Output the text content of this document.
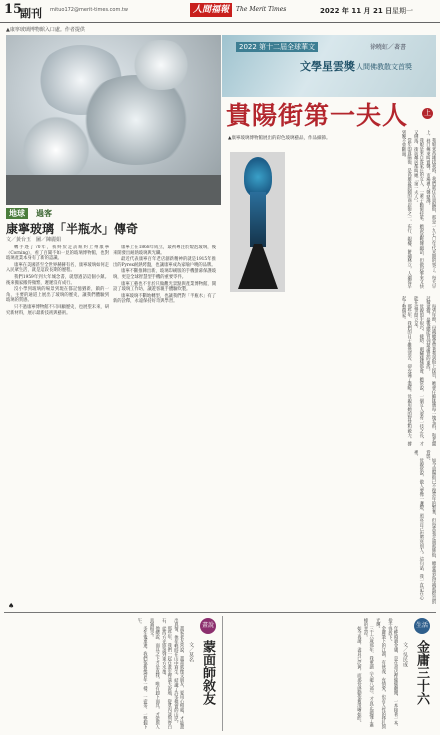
15
副刊 mituo172@merit-times.com.tw	人間福報	The Merit Times	2022 年 11 月 21 日 星期一
▲康寧玻璃博物館入口處。作者提供
2022 第十二屆全球華文	徐曉虹／著書
文學星雲獎 人間佛教散文首獎
貴陽街第一夫人 上
地球	過客
康寧玻璃「半瓶水」傳奇
文／黃台玉　圖／陳麗娟

轉手逐了70年，我終於走訪紐約上州康寧（Corning），看了百聞不如一見的玻璃博物館，也對玻璃產業本身有了新的認識。

康寧在美國甚至全世界赫赫有名，康寧玻璃如何走入民眾生活，就是這段長期的歷程。

我們1959年到大年城念書，就想過訪這個小鎮。後來搬家搬得頻繁，遲遲沒有成行。

沒小學到玻璃的場景到現在都記憶猶新，鎮的一角，主要的通道上展出了玻璃的歷史，讓我們體驗到玻璃的質感。

只不過康寧博物館不只回顧歷史，也展望未來，研究新材料，展示最新技術與藝術。

康寧上在1868年成立，最初專注於燈泡玻璃，後來開發出耐熱玻璃與光纖。

最近代表康寧百年老店創新精神的就是1915年推出的Pyrex耐熱烤盤，也讓康寧成為家喻戶曉的品牌。

康寧不斷推陳出新，玻璃印刷版的手機螢幕保護玻璃，更是全球智慧型手機的重要零件。

康寧工藝也不甘於只做觀光景點與產業博物館，開設了玻璃工作坊，讓遊客親手體驗吹製。

康寧玻璃不斷地轉型，也讓我們對「半瓶水」有了新的詮釋，永遠保持好奇與學習。

♠
▲康寧玻璃博物館展出的彩色玻璃藝品，作品細節。	我娘來高雄找我時，我們就住在貴陽街，那是一九七〇年代末期的事了。每天早上，巷口傳來叫賣聲，市場裡人聲鼎沸。

我娘是來自客家庄的女人，一輩子勤儉持家。她說話輕聲細語，但做起事來又快又俐落，街坊鄰居都叫她「第一夫人」。

當年的貴陽街，是高雄最熱鬧的商店街之一，布行、銀樓、餅舖林立，人潮從早到晚不曾斷過。

每到年節，母親總會帶著我到街上採買，她會仔細挑選每一塊布料，和老闆討價還價，最後總能買到最滿意的東西。

母親的手很巧，縫紉、刺繡樣樣都會。她常說，一個女人要有一技之長，才能在這世間立足。

那些年，我們的日子雖然清苦，卻充滿了溫暖。母親用她的智慧和毅力，撐起了整個家。

如今貴陽街已不復當年的繁華，但每當我走過那條街，總會想起母親那挺直的背影。

母親常說，做人要像一盞燈，照亮自己也照亮別人。這句話，我一直記在心裡。

生活
金庸三十六
文／吳民成

年輕時讀金庸，是在書店裡偷偷翻閱，一本接著一本，捨不得放下。

金庸筆下的江湖，有俠義、有情愛，也有人性的掙扎與光輝。

三十六歲那年，我重讀《天龍八部》，才真正讀懂了蕭峰的悲涼。

如今再讀，書頁已泛黃，而那份感動依舊清晰如昨。

畫說
蒙面師敘友
文／莫名

畫家老友常說，畫畫就像交朋友，要用心相處，才能畫出真情。他年輕時在山中寫生，結識了許多樸實的山民。

那些年，我們一起在畫室裡談天說地，從莫內談到齊白石，從西方光影談到東方水墨。

他總說，面具之下才是真我，唯有卸下面具，才能與人真誠相交。

多年後重逢，我們依舊像當年一樣，一壺茶，一整個下午。
